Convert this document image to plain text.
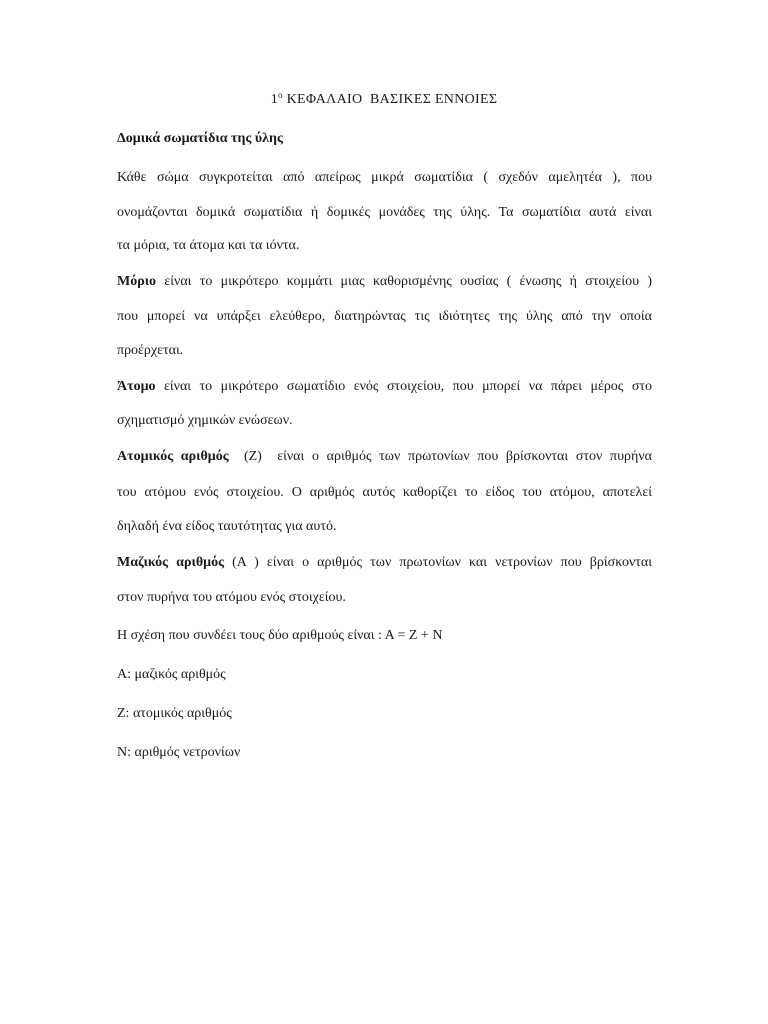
$1^o$ ΚΕΦΑΛΑΙΟ  ΒΑΣΙΚΕΣ ΕΝΝΟΙΕΣ
Δομικά σωματίδια της ύλης
Κάθε σώμα συγκροτείται από απείρως μικρά σωματίδια ( σχεδόν αμελητέα ), που
ονομάζονται δομικά σωματίδια ή δομικές μονάδες της ύλης. Τα σωματίδια αυτά είναι
τα μόρια, τα άτομα και τα ιόντα.
Μόριο είναι το μικρότερο κομμάτι μιας καθορισμένης ουσίας ( ένωσης ή στοιχείου )
που μπορεί να υπάρξει ελεύθερο, διατηρώντας τις ιδιότητες της ύλης από την οποία
προέρχεται.
Άτομο είναι το μικρότερο σωματίδιο ενός στοιχείου, που μπορεί να πάρει μέρος στο
σχηματισμό χημικών ενώσεων.
Ατομικός αριθμός  (Ζ)  είναι ο αριθμός των πρωτονίων που βρίσκονται στον πυρήνα
του ατόμου ενός στοιχείου. Ο αριθμός αυτός καθορίζει το είδος του ατόμου, αποτελεί
δηλαδή ένα είδος ταυτότητας για αυτό.
Μαζικός αριθμός (Α ) είναι ο αριθμός των πρωτονίων και νετρονίων που βρίσκονται
στον πυρήνα του ατόμου ενός στοιχείου.
Η σχέση που συνδέει τους δύο αριθμούς είναι : Α = Ζ + Ν
Α: μαζικός αριθμός
Ζ: ατομικός αριθμός
Ν: αριθμός νετρονίων
